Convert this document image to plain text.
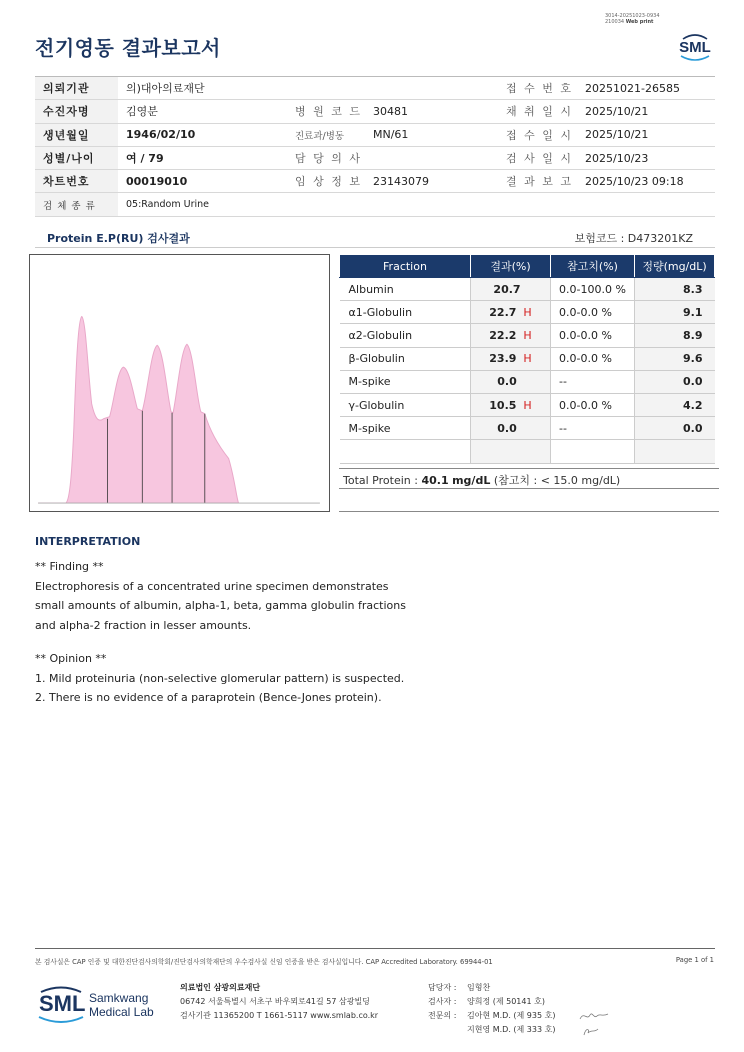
3014-20251023-0934
210034 Web print
전기영동 결과보고서	SML
의뢰기관	의)대아의료재단			접 수 번 호	20251021-26585
수진자명	김영분	병 원 코 드	30481	채 취 일 시	2025/10/21
생년월일	1946/02/10	진료과/병동	MN/61	접 수 일 시	2025/10/21
성별/나이	여 / 79	담 당 의 사		검 사 일 시	2025/10/23
차트번호	00019010	임 상 정 보	23143079	결 과 보 고	2025/10/23 09:18
검 체 종 류	05:Random Urine				
Protein E.P(RU) 검사결과	보험코드 : D473201KZ
Fraction	결과(%)	참고치(%)	정량(mg/dL)
Albumin	20.7	0.0-100.0 %	8.3
α1-Globulin	22.7 H	0.0-0.0 %	9.1
α2-Globulin	22.2 H	0.0-0.0 %	8.9
β-Globulin	23.9 H	0.0-0.0 %	9.6
M-spike	0.0	--	0.0
γ-Globulin	10.5 H	0.0-0.0 %	4.2
M-spike	0.0	--	0.0

Total Protein : 40.1 mg/dL (참고치 : < 15.0 mg/dL)
INTERPRETATION
** Finding **
Electrophoresis of a concentrated urine specimen demonstrates
small amounts of albumin, alpha-1, beta, gamma globulin fractions
and alpha-2 fraction in lesser amounts.
** Opinion **
1. Mild proteinuria (non-selective glomerular pattern) is suspected.
2. There is no evidence of a paraprotein (Bence-Jones protein).
본 검사실은 CAP 인증 및 대한진단검사의학회/진단검사의학재단의 우수검사실 신임 인증을 받은 검사실입니다. CAP Accredited Laboratory. 69944-01	Page 1 of 1
SML Samkwang
Medical Lab
의료법인 삼광의료재단
06742 서울특별시 서초구 바우뫼로41길 57 삼광빌딩
검사기관 11365200 T 1661-5117 www.smlab.co.kr
담당자 : 임형찬
검사자 : 양희정 (제 50141 호)
전문의 : 김아현 M.D. (제 935 호)
지현영 M.D. (제 333 호)
